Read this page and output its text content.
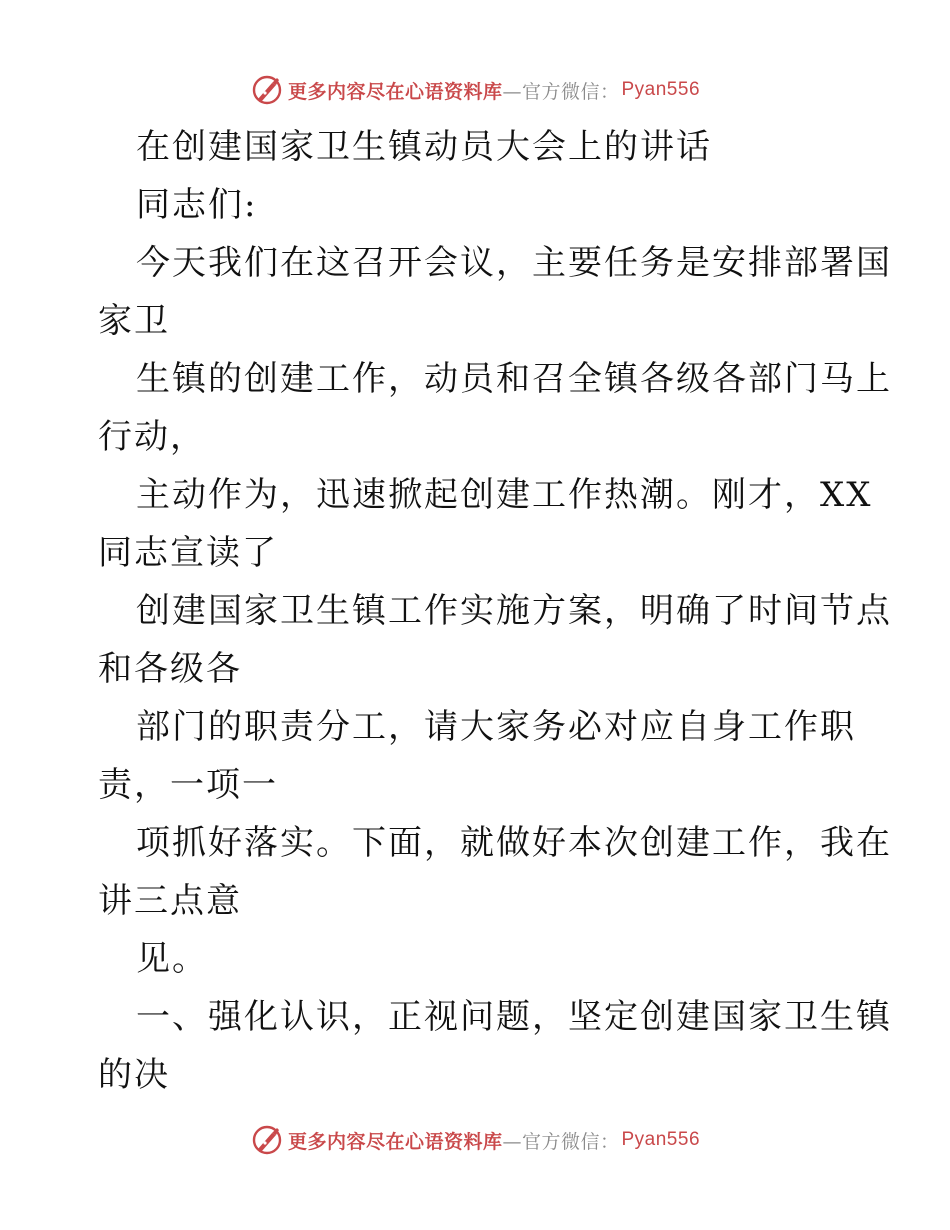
更多内容尽在心语资料库 —官方微信： Pyan556
在创建国家卫生镇动员大会上的讲话
同志们:
今天我们在这召开会议，主要任务是安排部署国
家卫
生镇的创建工作，动员和召全镇各级各部门马上
行动，
主动作为，迅速掀起创建工作热潮。刚才，XX
同志宣读了
创建国家卫生镇工作实施方案，明确了时间节点
和各级各
部门的职责分工，请大家务必对应自身工作职
责，一项一
项抓好落实。下面，就做好本次创建工作，我在
讲三点意
见。
一、强化认识，正视问题，坚定创建国家卫生镇
的决
更多内容尽在心语资料库 —官方微信： Pyan556
